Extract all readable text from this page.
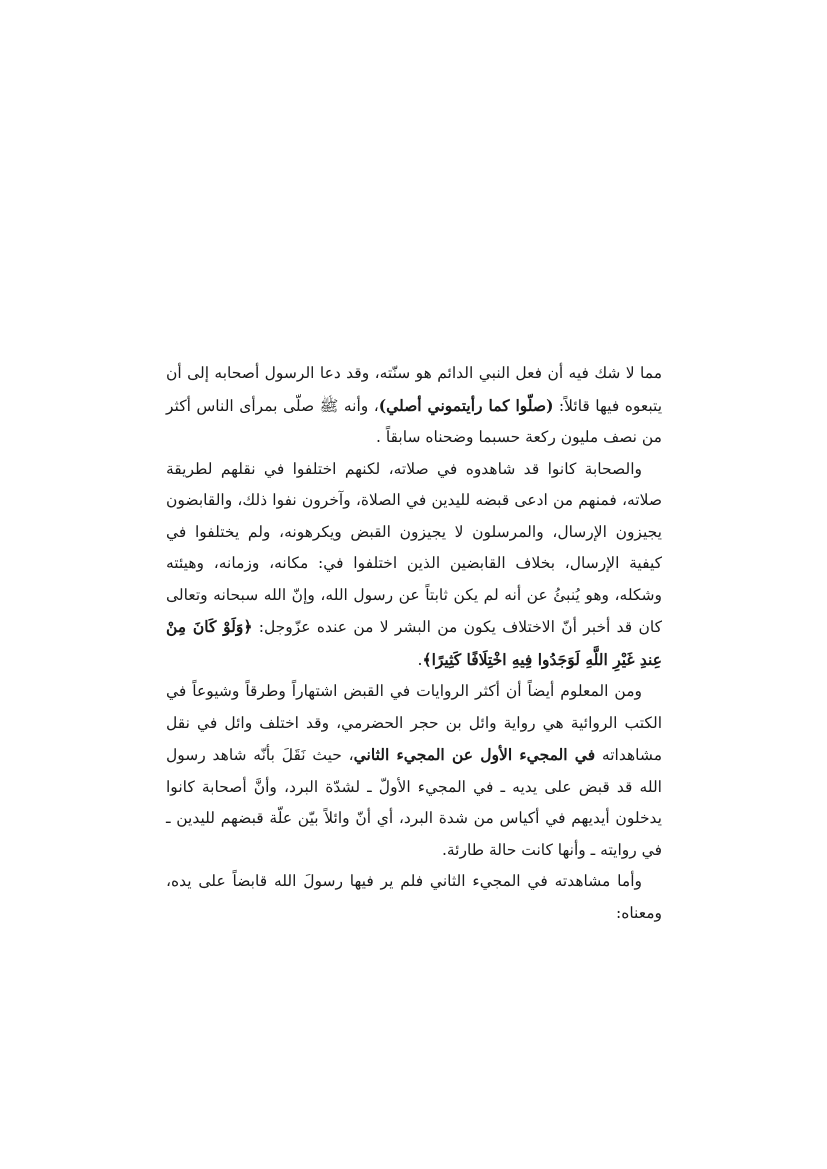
مما لا شك فيه أن فعل النبي الدائم هو سنّته، وقد دعا الرسول أصحابه إلى أن يتبعوه فيها قائلاً: (صلّوا كما رأيتموني أصلي)، وأنه ﷺ صلّى بمرأى الناس أكثر من نصف مليون ركعة حسبما وضحناه سابقاً .

والصحابة كانوا قد شاهدوه في صلاته، لكنهم اختلفوا في نقلهم لطريقة صلاته، فمنهم من ادعى قبضه لليدين في الصلاة، وآخرون نفوا ذلك، والقابضون يجيزون الإرسال، والمرسلون لا يجيزون القبض ويكرهونه، ولم يختلفوا في كيفية الإرسال، بخلاف القابضين الذين اختلفوا في: مكانه، وزمانه، وهيئته وشكله، وهو يُنبئُ عن أنه لم يكن ثابتاً عن رسول الله، وإنّ الله سبحانه وتعالى كان قد أخبر أنّ الاختلاف يكون من البشر لا من عنده عزّوجل: ﴿وَلَوْ كَانَ مِنْ عِندِ غَيْرِ اللَّهِ لَوَجَدُوا فِيهِ اخْتِلَافًا كَثِيرًا﴾.

ومن المعلوم أيضاً أن أكثر الروايات في القبض اشتهاراً وطرقاً وشيوعاً في الكتب الروائية هي رواية وائل بن حجر الحضرمي، وقد اختلف وائل في نقل مشاهداته في المجيء الأول عن المجيء الثاني، حيث نَقَلَ بأنّه شاهد رسول الله قد قبض على يديه ـ في المجيء الأولّ ـ لشدّة البرد، وأنَّ أصحابة كانوا يدخلون أيديهم في أكياس من شدة البرد، أي أنّ وائلاً بيّن علّة قبضهم لليدين ـ في روايته ـ وأنها كانت حالة طارئة.

وأما مشاهدته في المجيء الثاني فلم ير فيها رسولَ الله قابضاً على يده، ومعناه:
